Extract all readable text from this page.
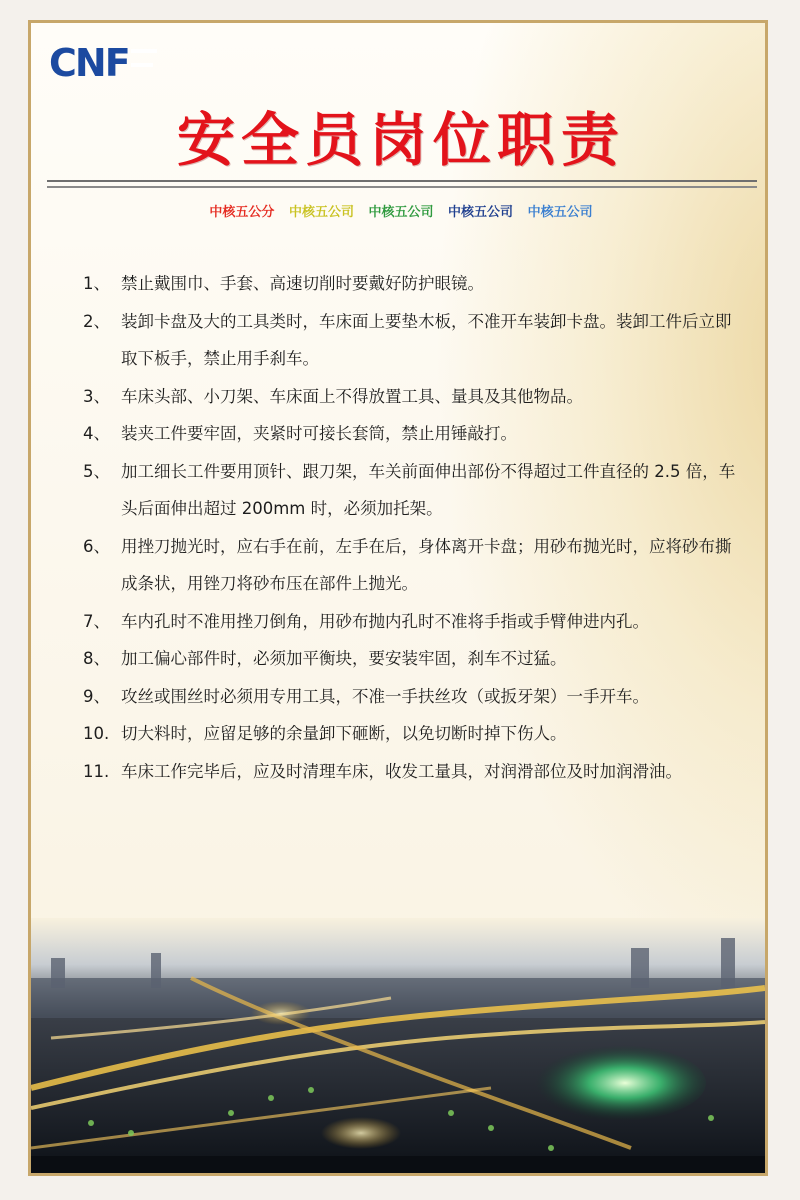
CNF
安全员岗位职责
中核五公分 中核五公司 中核五公司 中核五公司 中核五公司
1、 禁止戴围巾、手套、高速切削时要戴好防护眼镜。
2、 装卸卡盘及大的工具类时，车床面上要垫木板，不准开车装卸卡盘。装卸工件后立即取下板手，禁止用手刹车。
3、 车床头部、小刀架、车床面上不得放置工具、量具及其他物品。
4、 装夹工件要牢固，夹紧时可接长套筒，禁止用锤敲打。
5、 加工细长工件要用顶针、跟刀架，车关前面伸出部份不得超过工件直径的 2.5 倍，车头后面伸出超过 200mm 时，必须加托架。
6、 用挫刀抛光时，应右手在前，左手在后，身体离开卡盘；用砂布抛光时，应将砂布撕成条状，用锉刀将砂布压在部件上抛光。
7、 车内孔时不准用挫刀倒角，用砂布抛内孔时不准将手指或手臂伸进内孔。
8、 加工偏心部件时，必须加平衡块，要安装牢固，刹车不过猛。
9、 攻丝或围丝时必须用专用工具，不准一手扶丝攻（或扳牙架）一手开车。
10. 切大料时，应留足够的余量卸下砸断，以免切断时掉下伤人。
11. 车床工作完毕后，应及时清理车床，收发工量具，对润滑部位及时加润滑油。
